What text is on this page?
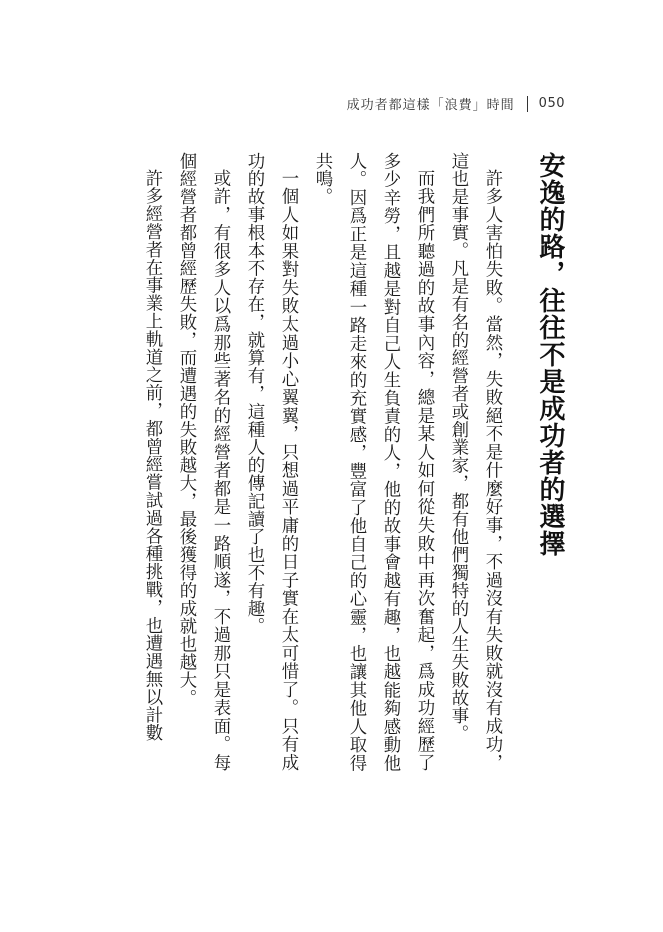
成功者都這樣「浪費」時間 050
安逸的路，往往不是成功者的選擇

許多人害怕失敗。當然，失敗絕不是什麼好事，不過沒有失敗就沒有成功，這也是事實。凡是有名的經營者或創業家，都有他們獨特的人生失敗故事。

而我們所聽過的故事內容，總是某人如何從失敗中再次奮起，爲成功經歷了多少辛勞，且越是對自己人生負責的人，他的故事會越有趣，也越能夠感動他人。因爲正是這種一路走來的充實感，豐富了他自己的心靈，也讓其他人取得共鳴。

一個人如果對失敗太過小心翼翼，只想過平庸的日子實在太可惜了。只有成功的故事根本不存在，就算有，這種人的傳記讀了也不有趣。

或許，有很多人以爲那些著名的經營者都是一路順遂，不過那只是表面。每個經營者都曾經歷失敗，而遭遇的失敗越大，最後獲得的成就也越大。

許多經營者在事業上軌道之前，都曾經嘗試過各種挑戰，也遭遇無以計數
